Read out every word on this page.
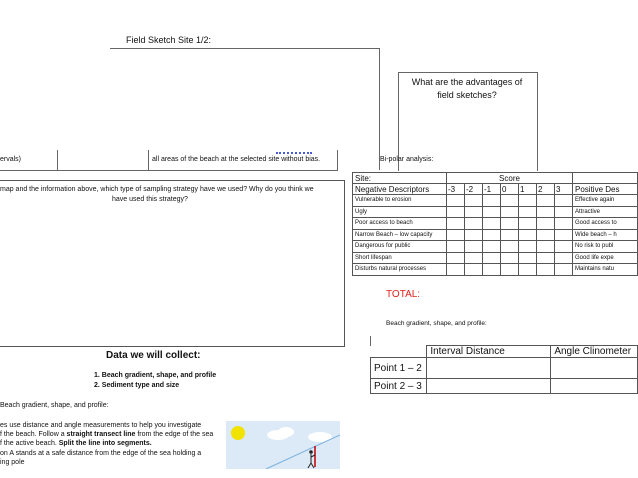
Field Sketch Site 1/2:
What are the advantages of
field sketches?
ervals)	all areas of the beach at the selected site without bias.	Bi-polar analysis:
Site:	Score							
Negative Descriptors	-3	-2	-1	0	1	2	3	Positive Des
Vulnerable to erosion								Effective again
Ugly								Attractive
Poor access to beach								Good access to
Narrow Beach – low capacity								Wide beach – h
Dangerous for public								No risk to publ
Short lifespan								Good life expe
Disturbs natural processes								Maintains natu
TOTAL:
map and the information above, which type of sampling strategy have we used? Why do you think we
have used this strategy?
Data we will collect:
1. Beach gradient, shape, and profile
2. Sediment type and size
Beach gradient, shape, and profile:
es use distance and angle measurements to help you investigate
f the beach. Follow a straight transect line from the edge of the sea
f the active beach. Split the line into segments.
on A stands at a safe distance from the edge of the sea holding a
ing pole
Beach gradient, shape, and profile:
	Interval Distance	Angle Clinometer
Point 1 – 2		
Point 2 – 3		
